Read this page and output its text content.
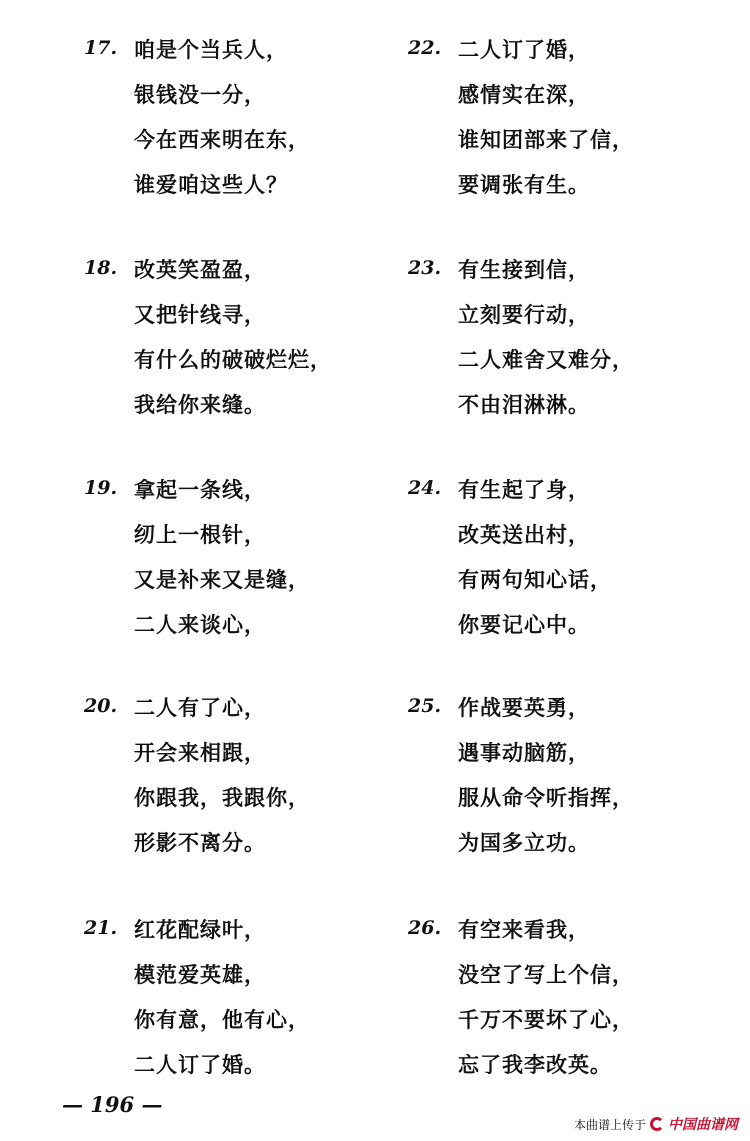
17. 咱是个当兵人，
银钱没一分，
今在西来明在东，
谁爱咱这些人？
18. 改英笑盈盈，
又把针线寻，
有什么的破破烂烂，
我给你来缝。
19. 拿起一条线，
纫上一根针，
又是补来又是缝，
二人来谈心，
20. 二人有了心，
开会来相跟，
你跟我，我跟你，
形影不离分。
21. 红花配绿叶，
模范爱英雄，
你有意，他有心，
二人订了婚。
22. 二人订了婚，
感情实在深，
谁知团部来了信，
要调张有生。
23. 有生接到信，
立刻要行动，
二人难舍又难分，
不由泪淋淋。
24. 有生起了身，
改英送出村，
有两句知心话，
你要记心中。
25. 作战要英勇，
遇事动脑筋，
服从命令听指挥，
为国多立功。
26. 有空来看我，
没空了写上个信，
千万不要坏了心，
忘了我李改英。
— 196 —
本曲谱上传于 中国曲谱网
